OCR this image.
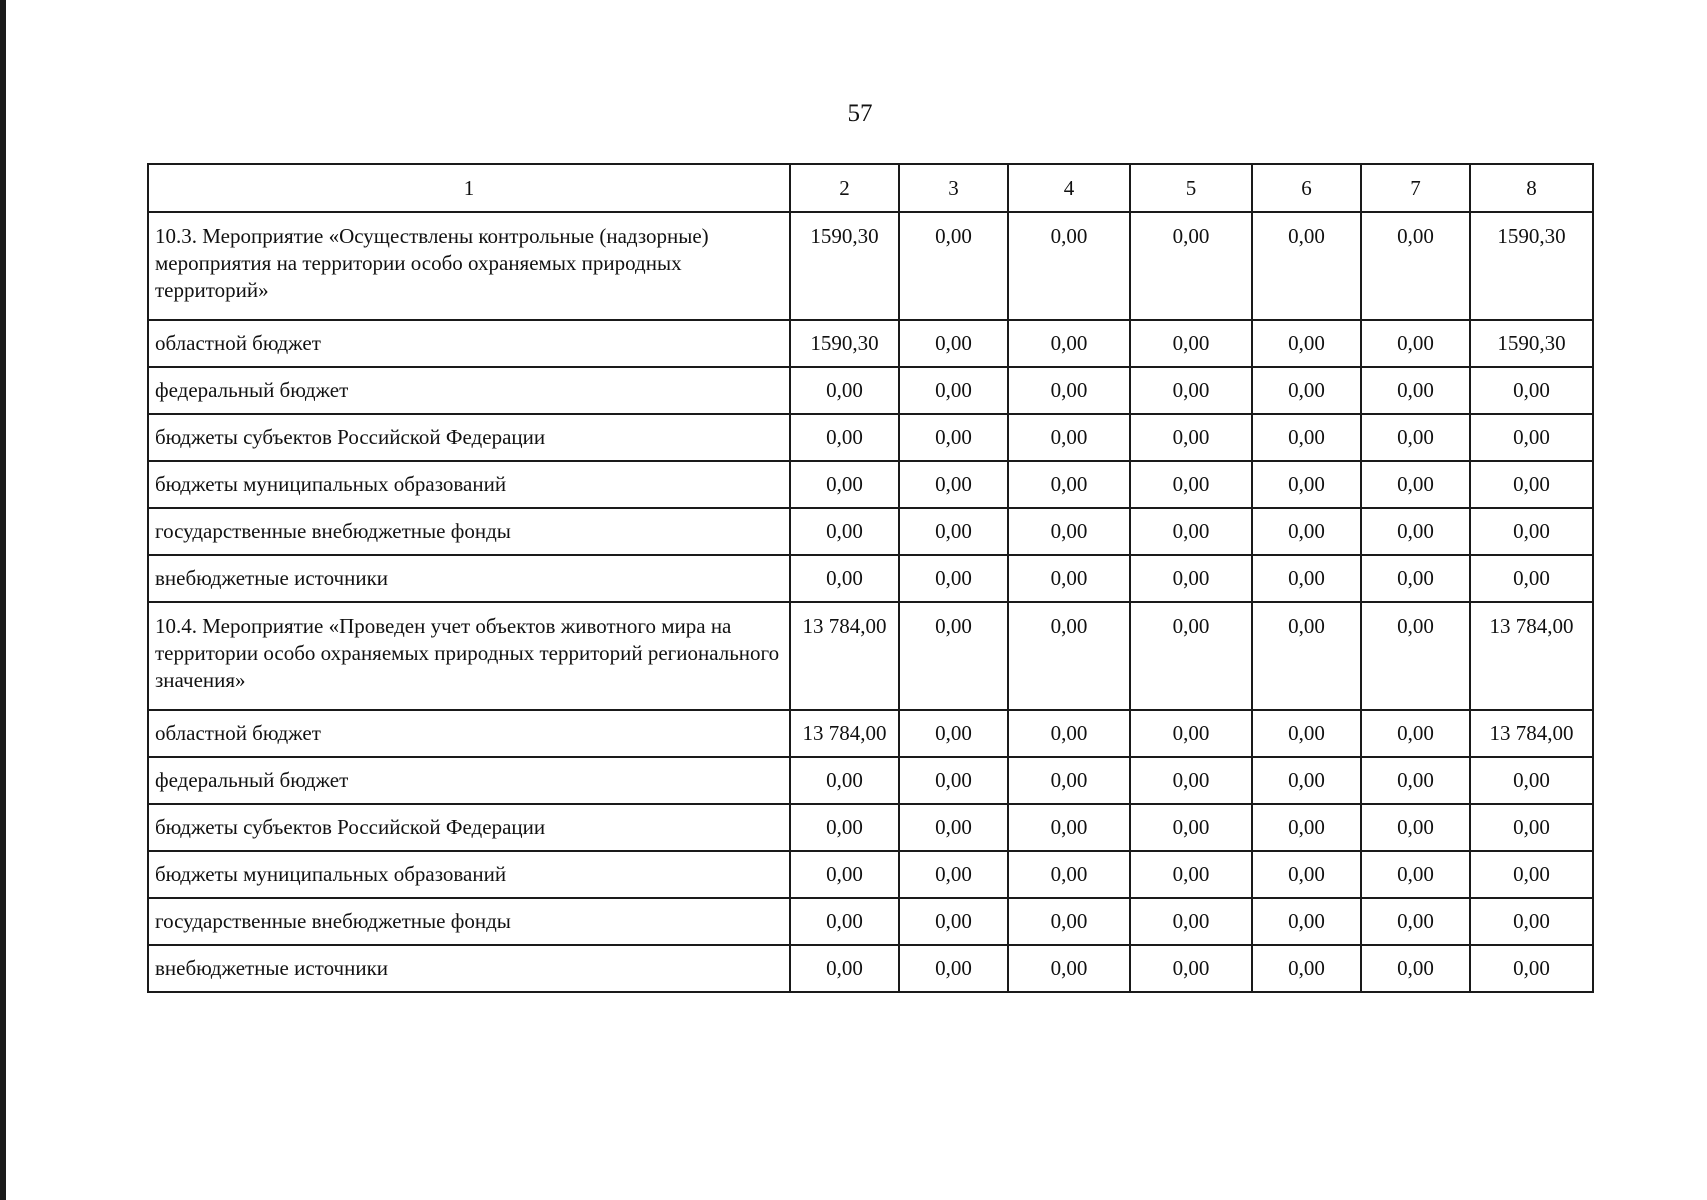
57
1	2	3	4	5	6	7	8
10.3. Мероприятие «Осуществлены контрольные (надзорные) мероприятия на территории особо охраняемых природных территорий»	1590,30	0,00	0,00	0,00	0,00	0,00	1590,30
областной бюджет	1590,30	0,00	0,00	0,00	0,00	0,00	1590,30
федеральный бюджет	0,00	0,00	0,00	0,00	0,00	0,00	0,00
бюджеты субъектов Российской Федерации	0,00	0,00	0,00	0,00	0,00	0,00	0,00
бюджеты муниципальных образований	0,00	0,00	0,00	0,00	0,00	0,00	0,00
государственные внебюджетные фонды	0,00	0,00	0,00	0,00	0,00	0,00	0,00
внебюджетные источники	0,00	0,00	0,00	0,00	0,00	0,00	0,00
10.4. Мероприятие «Проведен учет объектов животного мира на территории особо охраняемых природных территорий регионального значения»	13 784,00	0,00	0,00	0,00	0,00	0,00	13 784,00
областной бюджет	13 784,00	0,00	0,00	0,00	0,00	0,00	13 784,00
федеральный бюджет	0,00	0,00	0,00	0,00	0,00	0,00	0,00
бюджеты субъектов Российской Федерации	0,00	0,00	0,00	0,00	0,00	0,00	0,00
бюджеты муниципальных образований	0,00	0,00	0,00	0,00	0,00	0,00	0,00
государственные внебюджетные фонды	0,00	0,00	0,00	0,00	0,00	0,00	0,00
внебюджетные источники	0,00	0,00	0,00	0,00	0,00	0,00	0,00
